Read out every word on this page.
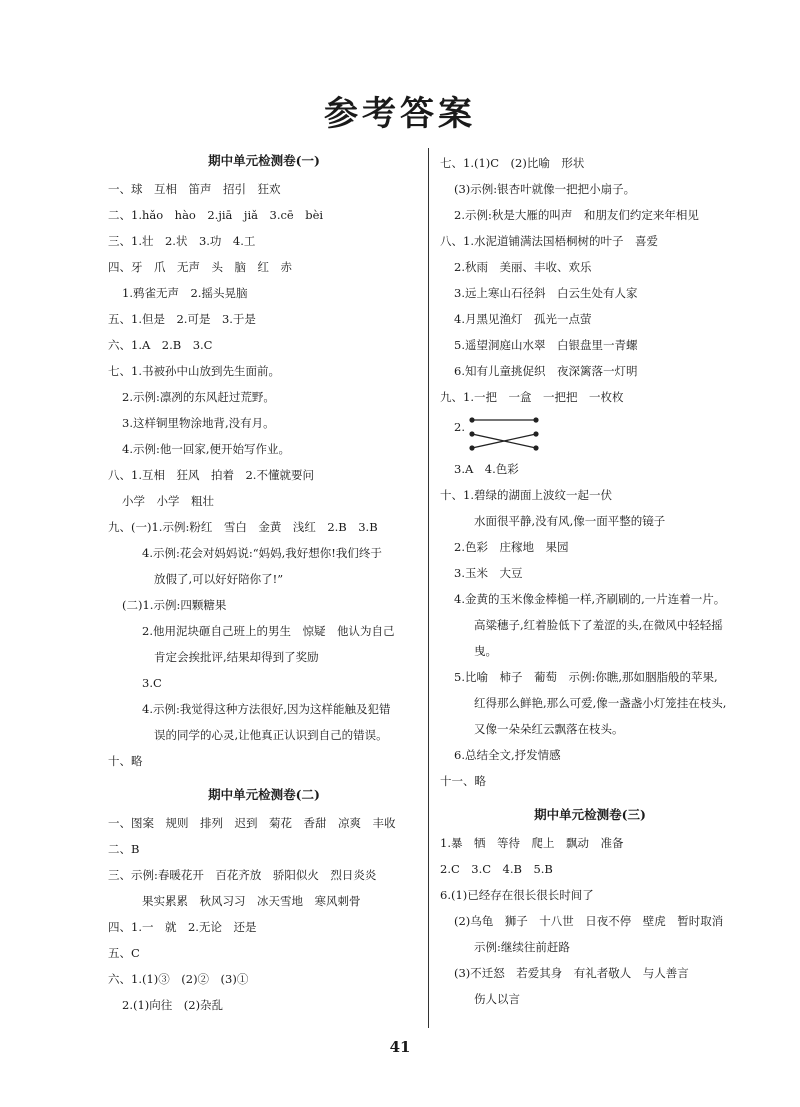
参考答案
期中单元检测卷(一)
一、球　互相　笛声　招引　狂欢
二、1.hǎo　hào　2.jiā　jiǎ　3.cē　bèi
三、1.壮　2.状　3.功　4.工
四、牙　爪　无声　头　脑　红　赤
1.鸦雀无声　2.摇头晃脑
五、1.但是　2.可是　3.于是
六、1.A　2.B　3.C
七、1.书被孙中山放到先生面前。
2.示例:凛冽的东风赶过荒野。
3.这样铜里物涂地背,没有月。
4.示例:他一回家,便开始写作业。
八、1.互相　狂风　拍着　2.不懂就要问
小学　小学　粗壮
九、(一)1.示例:粉红　雪白　金黄　浅红　2.B　3.B
4.示例:花会对妈妈说:“妈妈,我好想你!我们终于
放假了,可以好好陪你了!”
(二)1.示例:四颗糖果
2.他用泥块砸自己班上的男生　惊疑　他认为自己
肯定会挨批评,结果却得到了奖励
3.C
4.示例:我觉得这种方法很好,因为这样能触及犯错
误的同学的心灵,让他真正认识到自己的错误。
十、略
期中单元检测卷(二)
一、图案　规则　排列　迟到　菊花　香甜　凉爽　丰收
二、B
三、示例:春暖花开　百花齐放　骄阳似火　烈日炎炎
果实累累　秋风习习　冰天雪地　寒风刺骨
四、1.一　就　2.无论　还是
五、C
六、1.(1)③　(2)②　(3)①
2.(1)向往　(2)杂乱
七、1.(1)C　(2)比喻　形状
(3)示例:银杏叶就像一把把小扇子。
2.示例:秋是大雁的叫声　和朋友们约定来年相见
八、1.水泥道铺满法国梧桐树的叶子　喜爱
2.秋雨　美丽、丰收、欢乐
3.远上寒山石径斜　白云生处有人家
4.月黑见渔灯　孤光一点萤
5.遥望洞庭山水翠　白银盘里一青螺
6.知有儿童挑促织　夜深篱落一灯明
九、1.一把　一盒　一把把　一枚枚
2.
3.A　4.色彩
十、1.碧绿的湖面上波纹一起一伏
水面很平静,没有风,像一面平整的镜子
2.色彩　庄稼地　果园
3.玉米　大豆
4.金黄的玉米像金棒槌一样,齐刷刷的,一片连着一片。
高粱穗子,红着脸低下了羞涩的头,在微风中轻轻摇
曳。
5.比喻　柿子　葡萄　示例:你瞧,那如胭脂般的苹果,
红得那么鲜艳,那么可爱,像一盏盏小灯笼挂在枝头,
又像一朵朵红云飘落在枝头。
6.总结全文,抒发情感
十一、略
期中单元检测卷(三)
1.暴　牺　等待　爬上　飘动　准备
2.C　3.C　4.B　5.B
6.(1)已经存在很长很长时间了
(2)乌龟　狮子　十八世　日夜不停　壁虎　暂时取消
示例:继续往前赶路
(3)不迁怒　若爱其身　有礼者敬人　与人善言
伤人以言
41
